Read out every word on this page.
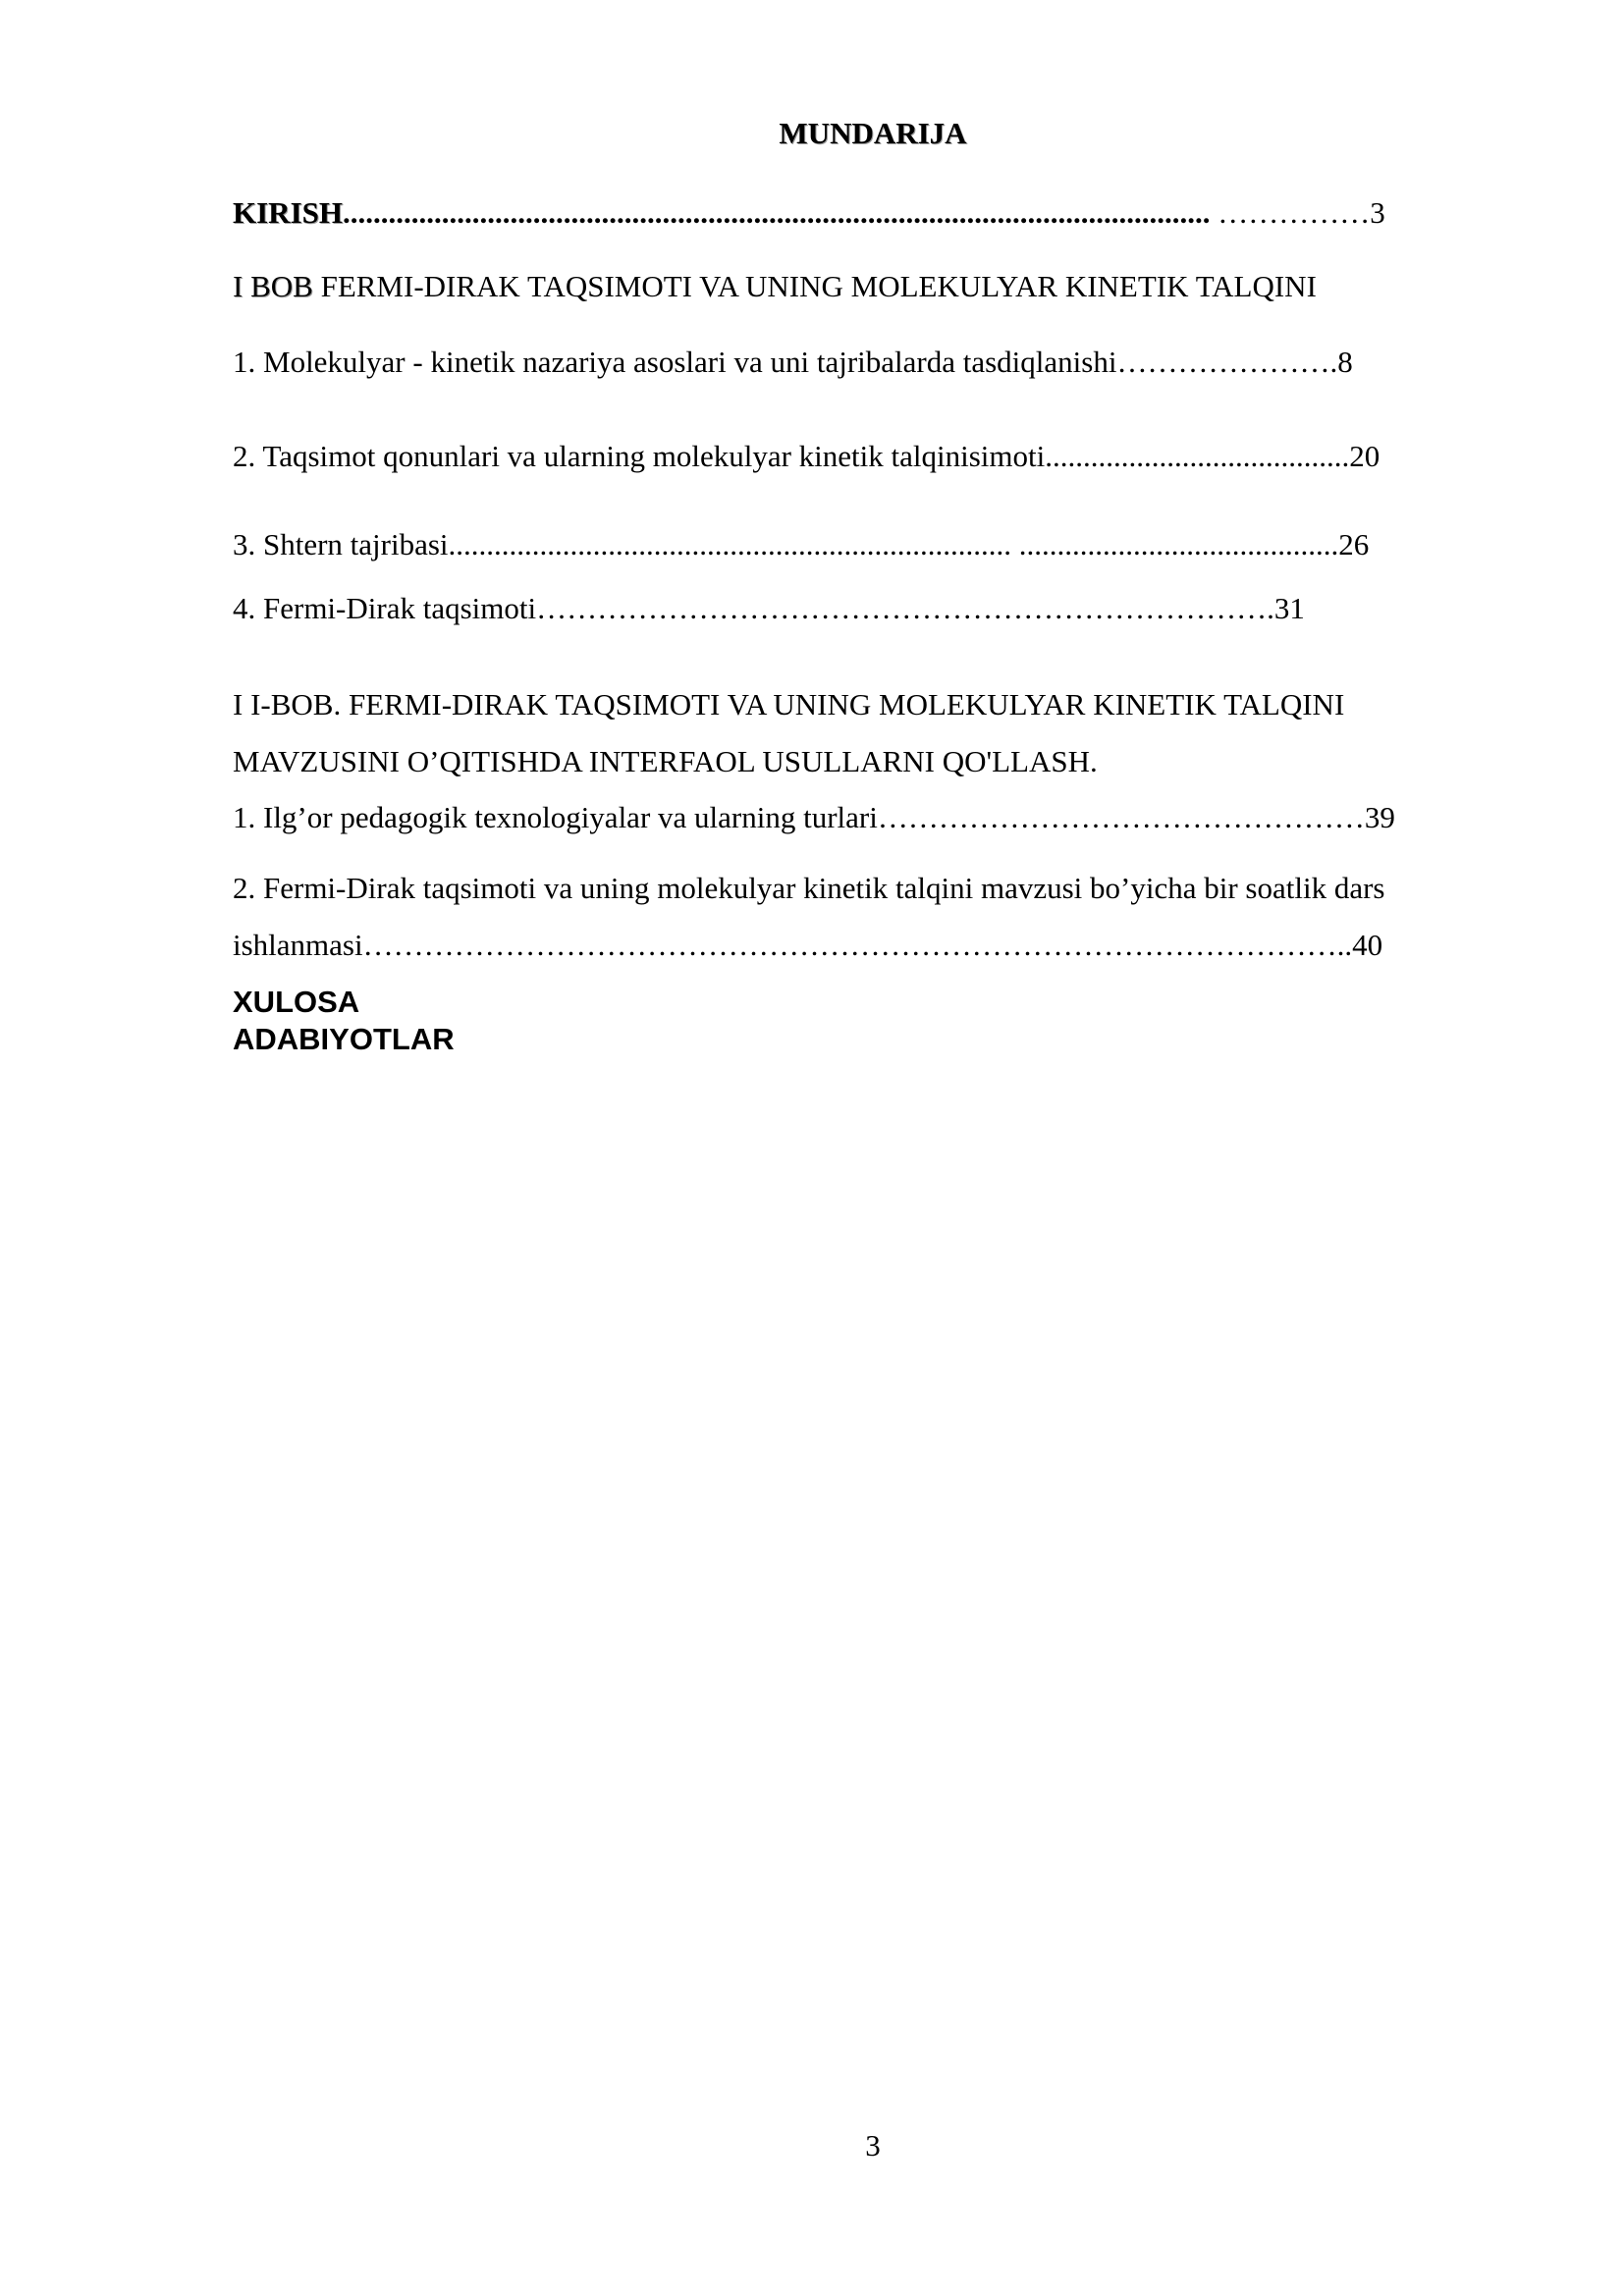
MUNDARIJA
KIRISH.................................................................................................................. ……………3
I BOB FERMI-DIRAK TAQSIMOTI VA UNING MOLEKULYAR KINETIK TALQINI
1. Molekulyar - kinetik nazariya asoslari va uni tajribalarda tasdiqlanishi………………….8
2. Taqsimot qonunlari va ularning molekulyar kinetik talqinisimoti........................................20
3. Shtern tajribasi.......................................................................... ..........................................26
4. Fermi-Dirak taqsimoti……………………………………………………………….31
I I-BOB. FERMI-DIRAK TAQSIMOTI VA UNING MOLEKULYAR KINETIK TALQINI
MAVZUSINI O’QITISHDA INTERFAOL USULLARNI QO'LLASH.
1. Ilg’or pedagogik texnologiyalar va ularning turlari…………………………………………39
2. Fermi-Dirak taqsimoti va uning molekulyar kinetik talqini mavzusi bo’yicha bir soatlik dars
ishlanmasi……………………………………………………………………………………..40
XULOSA
ADABIYOTLAR
3
